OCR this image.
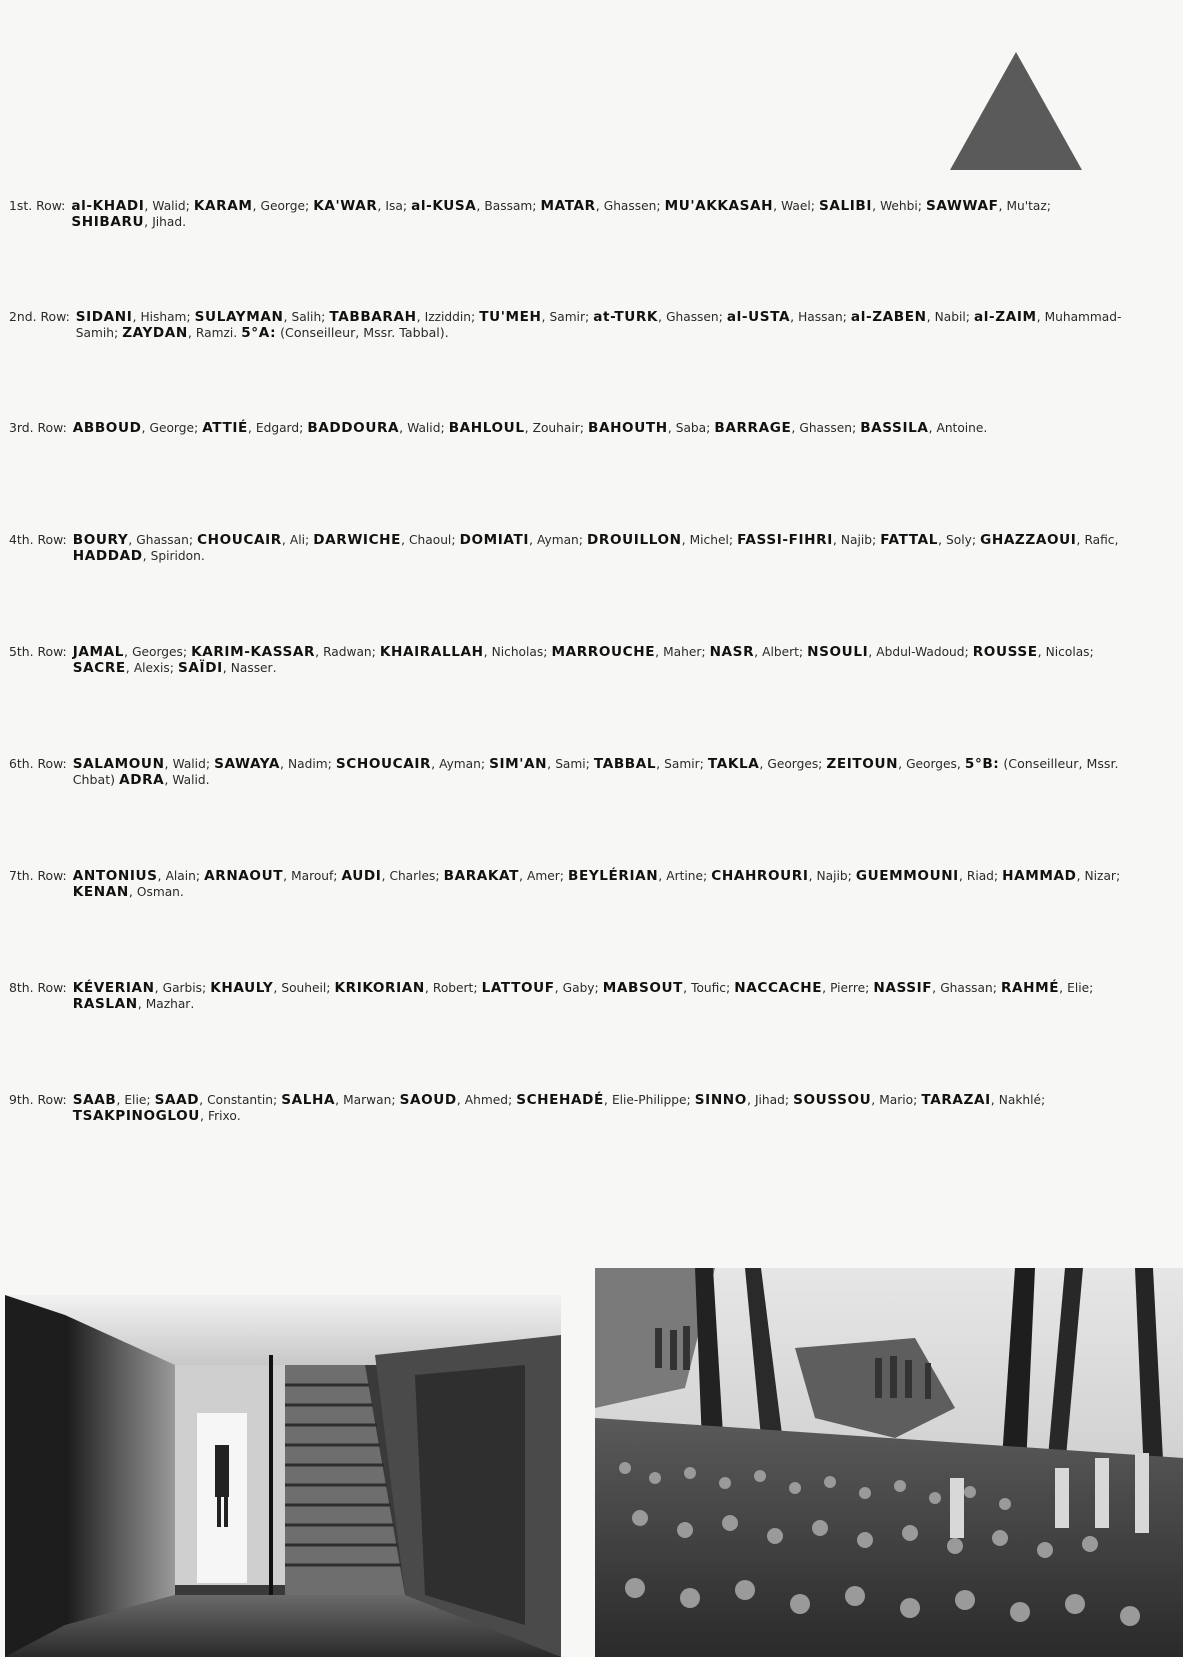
1st. Row: al-KHADI, Walid; KARAM, George; KA'WAR, Isa; al-KUSA, Bassam; MATAR, Ghassen; MU'AKKASAH, Wael; SALIBI, Wehbi; SAWWAF, Mu'taz; SHIBARU, Jihad.
2nd. Row: SIDANI, Hisham; SULAYMAN, Salih; TABBARAH, Izziddin; TU'MEH, Samir; at-TURK, Ghassen; al-USTA, Hassan; al-ZABEN, Nabil; al-ZAIM, Muhammad-Samih; ZAYDAN, Ramzi. 5°A: (Conseilleur, Mssr. Tabbal).
3rd. Row: ABBOUD, George; ATTIÉ, Edgard; BADDOURA, Walid; BAHLOUL, Zouhair; BAHOUTH, Saba; BARRAGE, Ghassen; BASSILA, Antoine.
4th. Row: BOURY, Ghassan; CHOUCAIR, Ali; DARWICHE, Chaoul; DOMIATI, Ayman; DROUILLON, Michel; FASSI-FIHRI, Najib; FATTAL, Soly; GHAZZAOUI, Rafic, HADDAD, Spiridon.
5th. Row: JAMAL, Georges; KARIM-KASSAR, Radwan; KHAIRALLAH, Nicholas; MARROUCHE, Maher; NASR, Albert; NSOULI, Abdul-Wadoud; ROUSSE, Nicolas; SACRE, Alexis; SAÏDI, Nasser.
6th. Row: SALAMOUN, Walid; SAWAYA, Nadim; SCHOUCAIR, Ayman; SIM'AN, Sami; TABBAL, Samir; TAKLA, Georges; ZEITOUN, Georges, 5°B: (Conseilleur, Mssr. Chbat) ADRA, Walid.
7th. Row: ANTONIUS, Alain; ARNAOUT, Marouf; AUDI, Charles; BARAKAT, Amer; BEYLÉRIAN, Artine; CHAHROURI, Najib; GUEMMOUNI, Riad; HAMMAD, Nizar; KENAN, Osman.
8th. Row: KÉVERIAN, Garbis; KHAULY, Souheil; KRIKORIAN, Robert; LATTOUF, Gaby; MABSOUT, Toufic; NACCACHE, Pierre; NASSIF, Ghassan; RAHMÉ, Elie; RASLAN, Mazhar.
9th. Row: SAAB, Elie; SAAD, Constantin; SALHA, Marwan; SAOUD, Ahmed; SCHEHADÉ, Elie-Philippe; SINNO, Jihad; SOUSSOU, Mario; TARAZAI, Nakhlé; TSAKPINOGLOU, Frixo.
